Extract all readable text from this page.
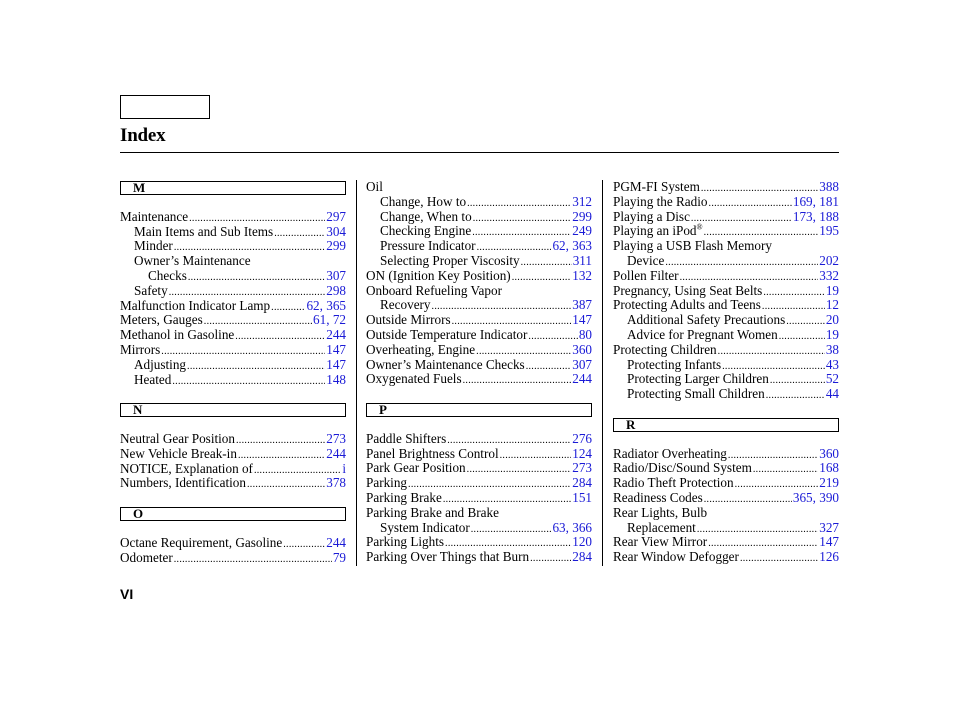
Index
M
Maintenance .....	297
Main Items and Sub Items .....	304
Minder .....	299
Owner’s Maintenance
Checks .....	307
Safety .....	298
Malfunction Indicator Lamp .....	62, 365
Meters, Gauges .....	61, 72
Methanol in Gasoline .....	244
Mirrors .....	147
Adjusting .....	147
Heated .....	148
N
Neutral Gear Position .....	273
New Vehicle Break-in .....	244
NOTICE, Explanation of .....	i
Numbers, Identification .....	378
O
Octane Requirement, Gasoline .....	244
Odometer .....	79
Oil
Change, How to .....	312
Change, When to .....	299
Checking Engine .....	249
Pressure Indicator .....	62, 363
Selecting Proper Viscosity .....	311
ON (Ignition Key Position) .....	132
Onboard Refueling Vapor
Recovery .....	387
Outside Mirrors .....	147
Outside Temperature Indicator .....	80
Overheating, Engine .....	360
Owner’s Maintenance Checks .....	307
Oxygenated Fuels .....	244
P
Paddle Shifters .....	276
Panel Brightness Control .....	124
Park Gear Position .....	273
Parking .....	284
Parking Brake .....	151
Parking Brake and Brake
System Indicator .....	63, 366
Parking Lights .....	120
Parking Over Things that Burn .....	284
PGM-FI System .....	388
Playing the Radio .....	169, 181
Playing a Disc .....	173, 188
Playing an iPod® .....	195
Playing a USB Flash Memory
Device .....	202
Pollen Filter .....	332
Pregnancy, Using Seat Belts .....	19
Protecting Adults and Teens .....	12
Additional Safety Precautions .....	20
Advice for Pregnant Women .....	19
Protecting Children .....	38
Protecting Infants .....	43
Protecting Larger Children .....	52
Protecting Small Children .....	44
R
Radiator Overheating .....	360
Radio/Disc/Sound System .....	168
Radio Theft Protection .....	219
Readiness Codes .....	365, 390
Rear Lights, Bulb
Replacement .....	327
Rear View Mirror .....	147
Rear Window Defogger .....	126
VI
